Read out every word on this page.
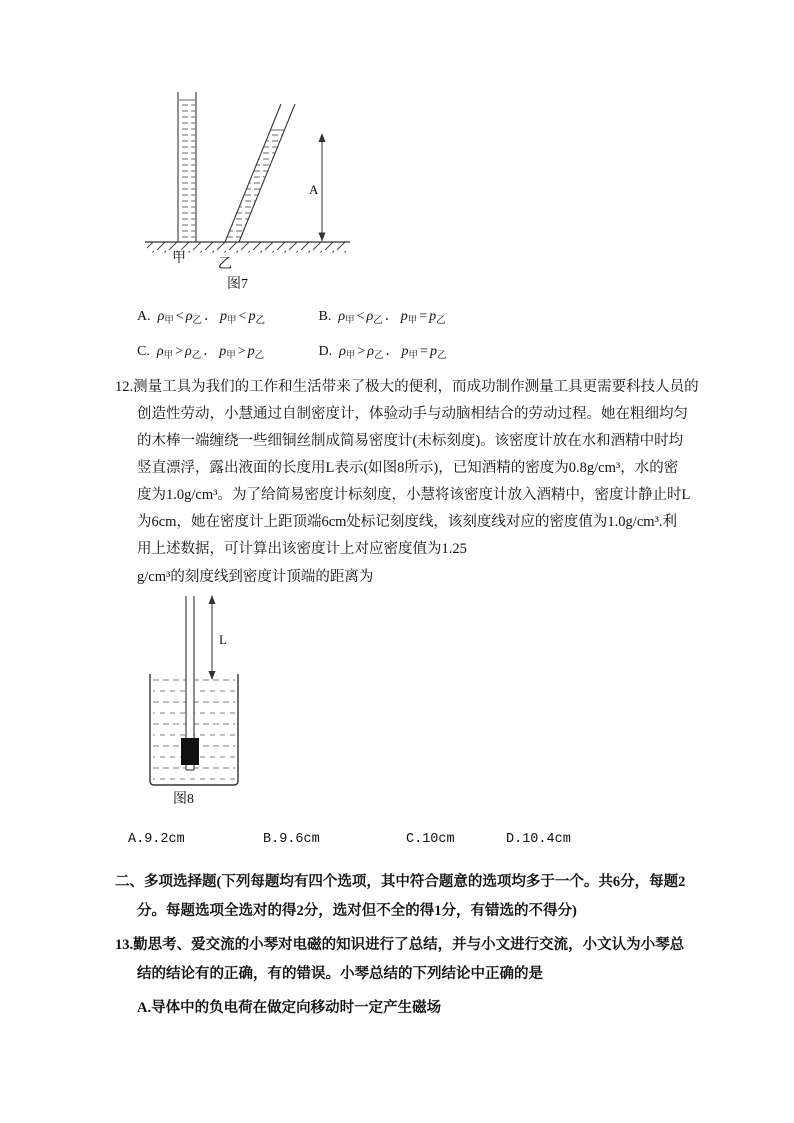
A
甲 乙
图7
A. $\rho_甲 < \rho_乙$ ． $p_甲 < p_乙$	B. $\rho_甲 < \rho_乙$ ． $p_甲 = p_乙$
C. $\rho_甲 > \rho_乙$ ． $p_甲 > p_乙$	D. $\rho_甲 > \rho_乙$ ． $p_甲 = p_乙$
12.测量工具为我们的工作和生活带来了极大的便利，而成功制作测量工具更需要科技人员的
创造性劳动，小慧通过自制密度计，体验动手与动脑相结合的劳动过程。她在粗细均匀
的木棒一端缠绕一些细铜丝制成简易密度计(未标刻度)。该密度计放在水和酒精中时均
竖直漂浮，露出液面的长度用L表示(如图8所示)，已知酒精的密度为0.8g/cm³，水的密
度为1.0g/cm³。为了给简易密度计标刻度，小慧将该密度计放入酒精中，密度计静止时L
为6cm，她在密度计上距顶端6cm处标记刻度线，该刻度线对应的密度值为1.0g/cm³.利
用上述数据，可计算出该密度计上对应密度值为1.25
g/cm³的刻度线到密度计顶端的距离为
L
图8
A.9.2cm	B.9.6cm	C.10cm	D.10.4cm
二、多项选择题(下列每题均有四个选项，其中符合题意的选项均多于一个。共6分，每题2
分。每题选项全选对的得2分，选对但不全的得1分，有错选的不得分)
13.勤思考、爱交流的小琴对电磁的知识进行了总结，并与小文进行交流，小文认为小琴总
结的结论有的正确，有的错误。小琴总结的下列结论中正确的是
A.导体中的负电荷在做定向移动时一定产生磁场
